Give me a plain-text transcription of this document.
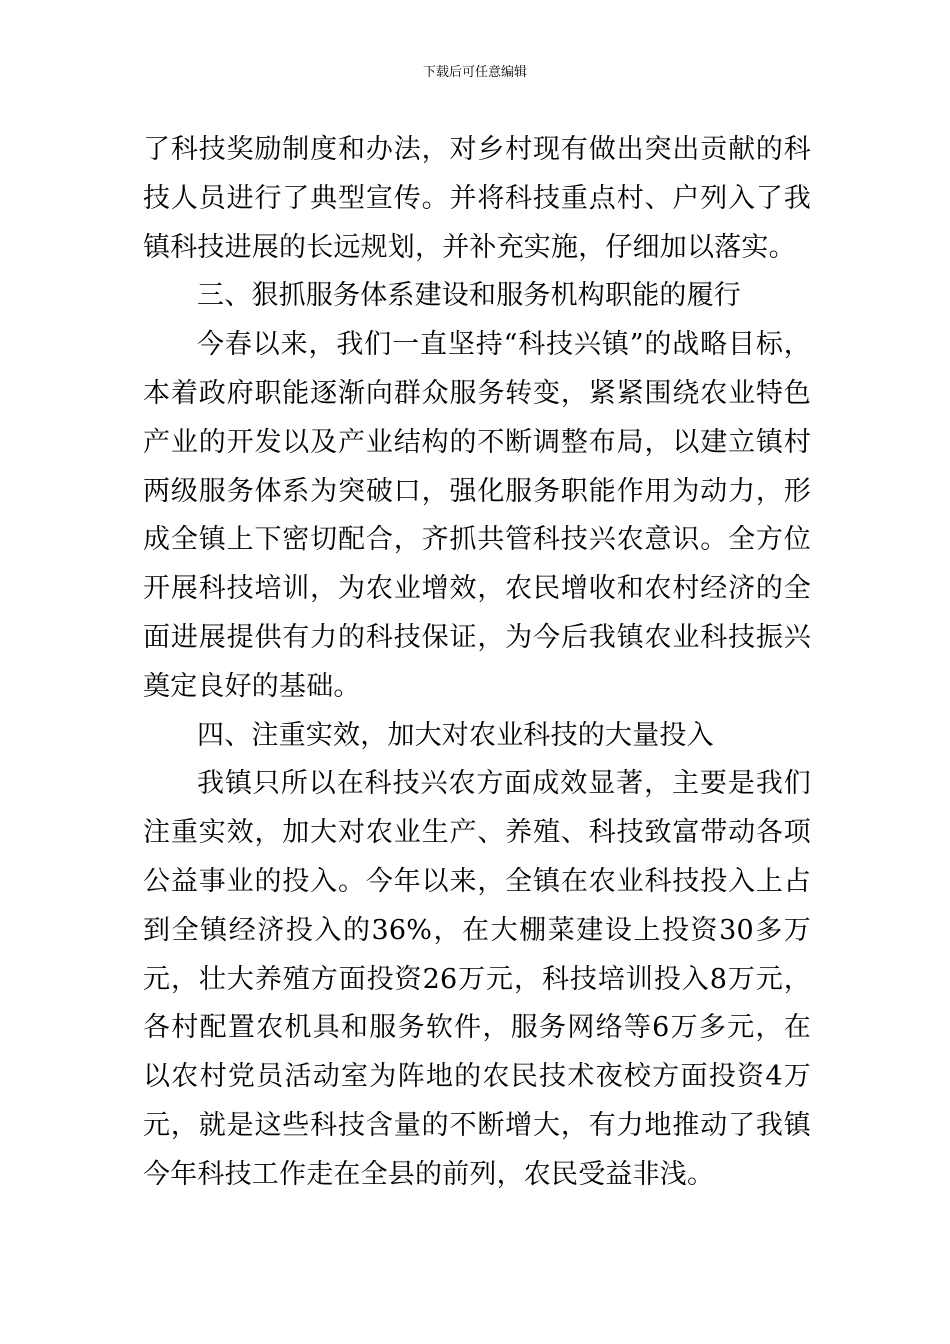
下载后可任意编辑

了科技奖励制度和办法，对乡村现有做出突出贡献的科技人员进行了典型宣传。并将科技重点村、户列入了我镇科技进展的长远规划，并补充实施，仔细加以落实。

三、狠抓服务体系建设和服务机构职能的履行

今春以来，我们一直坚持“科技兴镇”的战略目标，本着政府职能逐渐向群众服务转变，紧紧围绕农业特色产业的开发以及产业结构的不断调整布局，以建立镇村两级服务体系为突破口，强化服务职能作用为动力，形成全镇上下密切配合，齐抓共管科技兴农意识。全方位开展科技培训，为农业增效，农民增收和农村经济的全面进展提供有力的科技保证，为今后我镇农业科技振兴奠定良好的基础。

四、注重实效，加大对农业科技的大量投入

我镇只所以在科技兴农方面成效显著，主要是我们注重实效，加大对农业生产、养殖、科技致富带动各项公益事业的投入。今年以来，全镇在农业科技投入上占到全镇经济投入的36%，在大棚菜建设上投资30多万元，壮大养殖方面投资26万元，科技培训投入8万元，各村配置农机具和服务软件，服务网络等6万多元，在以农村党员活动室为阵地的农民技术夜校方面投资4万元，就是这些科技含量的不断增大，有力地推动了我镇今年科技工作走在全县的前列，农民受益非浅。
